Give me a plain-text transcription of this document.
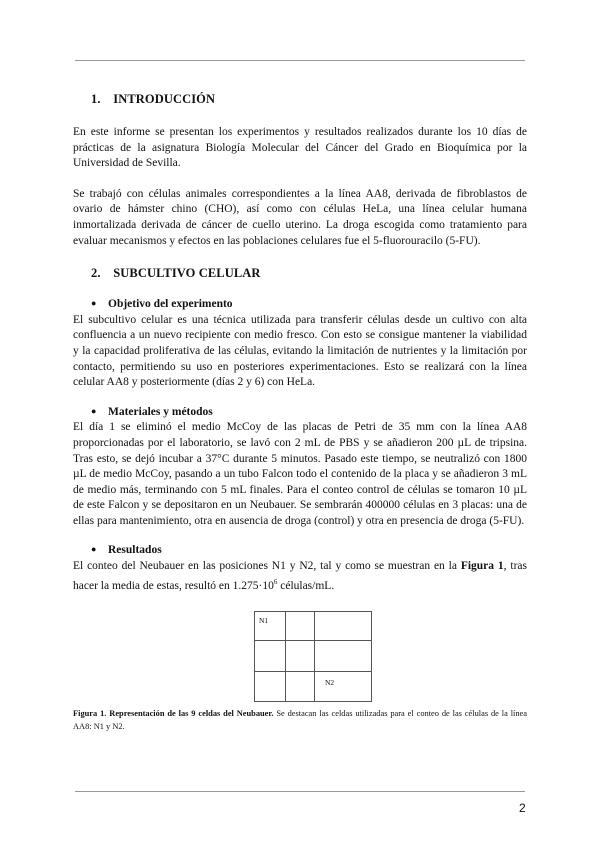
1. INTRODUCCIÓN

En este informe se presentan los experimentos y resultados realizados durante los 10 días de prácticas de la asignatura Biología Molecular del Cáncer del Grado en Bioquímica por la Universidad de Sevilla.

Se trabajó con células animales correspondientes a la línea AA8, derivada de fibroblastos de ovario de hámster chino (CHO), así como con células HeLa, una línea celular humana inmortalizada derivada de cáncer de cuello uterino. La droga escogida como tratamiento para evaluar mecanismos y efectos en las poblaciones celulares fue el 5-fluorouracilo (5-FU).

2. SUBCULTIVO CELULAR
● Objetivo del experimento

El subcultivo celular es una técnica utilizada para transferir células desde un cultivo con alta confluencia a un nuevo recipiente con medio fresco. Con esto se consigue mantener la viabilidad y la capacidad proliferativa de las células, evitando la limitación de nutrientes y la limitación por contacto, permitiendo su uso en posteriores experimentaciones. Esto se realizará con la línea celular AA8 y posteriormente (días 2 y 6) con HeLa.

● Materiales y métodos

El día 1 se eliminó el medio McCoy de las placas de Petri de 35 mm con la línea AA8 proporcionadas por el laboratorio, se lavó con 2 mL de PBS y se añadieron 200 µL de tripsina. Tras esto, se dejó incubar a 37°C durante 5 minutos. Pasado este tiempo, se neutralizó con 1800 µL de medio McCoy, pasando a un tubo Falcon todo el contenido de la placa y se añadieron 3 mL de medio más, terminando con 5 mL finales. Para el conteo control de células se tomaron 10 µL de este Falcon y se depositaron en un Neubauer. Se sembrarán 400000 células en 3 placas: una de ellas para mantenimiento, otra en ausencia de droga (control) y otra en presencia de droga (5-FU).

● Resultados

El conteo del Neubauer en las posiciones N1 y N2, tal y como se muestran en la Figura 1, tras hacer la media de estas, resultó en $1.275\cdot 10^6$ células/mL.

N1
N2
Figura 1. Representación de las 9 celdas del Neubauer. Se destacan las celdas utilizadas para el conteo de las células de la línea AA8: N1 y N2.
2
